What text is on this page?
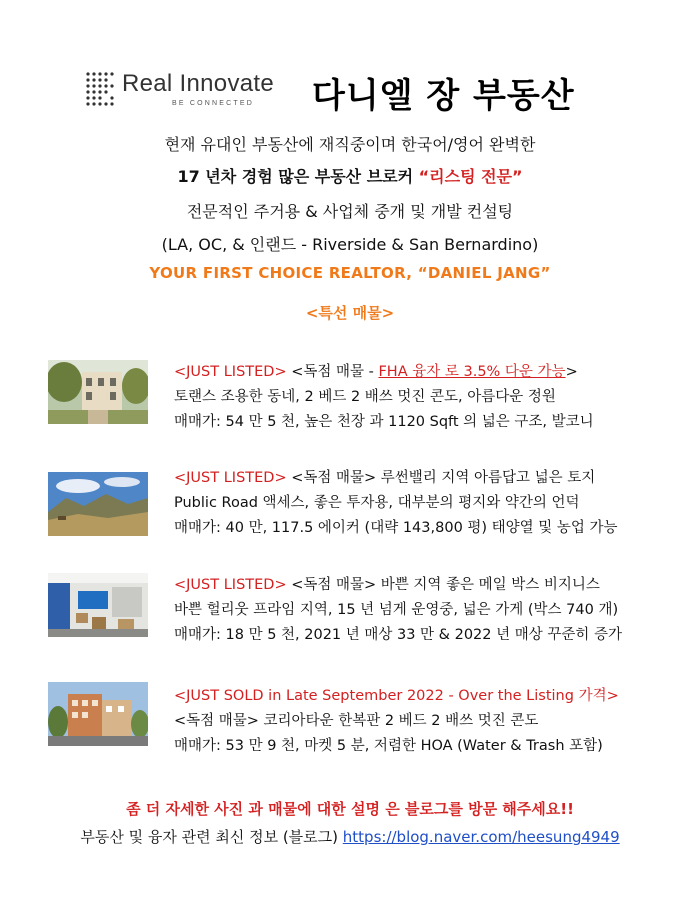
Real Innovate
BE CONNECTED 다니엘 장 부동산
현재 유대인 부동산에 재직중이며 한국어/영어 완벽한
17 년차 경험 많은 부동산 브로커 “리스팅 전문”
전문적인 주거용 & 사업체 중개 및 개발 컨설팅
(LA, OC, & 인랜드 - Riverside & San Bernardino)
YOUR FIRST CHOICE REALTOR, “DANIEL JANG”
<특선 매물>
<JUST LISTED> <독점 매물 - FHA 융자 로 3.5% 다운 가능>
토랜스 조용한 동네, 2 베드 2 배쓰 멋진 콘도, 아름다운 정원
매매가: 54 만 5 천, 높은 천장 과 1120 Sqft 의 넓은 구조, 발코니
<JUST LISTED> <독점 매물> 루썬밸리 지역 아름답고 넓은 토지
Public Road 액세스, 좋은 투자용, 대부분의 평지와 약간의 언덕
매매가: 40 만, 117.5 에이커 (대략 143,800 평) 태양열 및 농업 가능
<JUST LISTED> <독점 매물> 바쁜 지역 좋은 메일 박스 비지니스
바쁜 헐리웃 프라임 지역, 15 년 넘게 운영중, 넓은 가게 (박스 740 개)
매매가: 18 만 5 천, 2021 년 매상 33 만 & 2022 년 매상 꾸준히 증가
<JUST SOLD in Late September 2022 - Over the Listing 가격>
<독점 매물> 코리아타운 한복판 2 베드 2 배쓰 멋진 콘도
매매가: 53 만 9 천, 마켓 5 분, 저렴한 HOA (Water & Trash 포함)
좀 더 자세한 사진 과 매물에 대한 설명 은 블로그를 방문 해주세요!!
부동산 및 융자 관련 최신 정보 (블로그) https://blog.naver.com/heesung4949
